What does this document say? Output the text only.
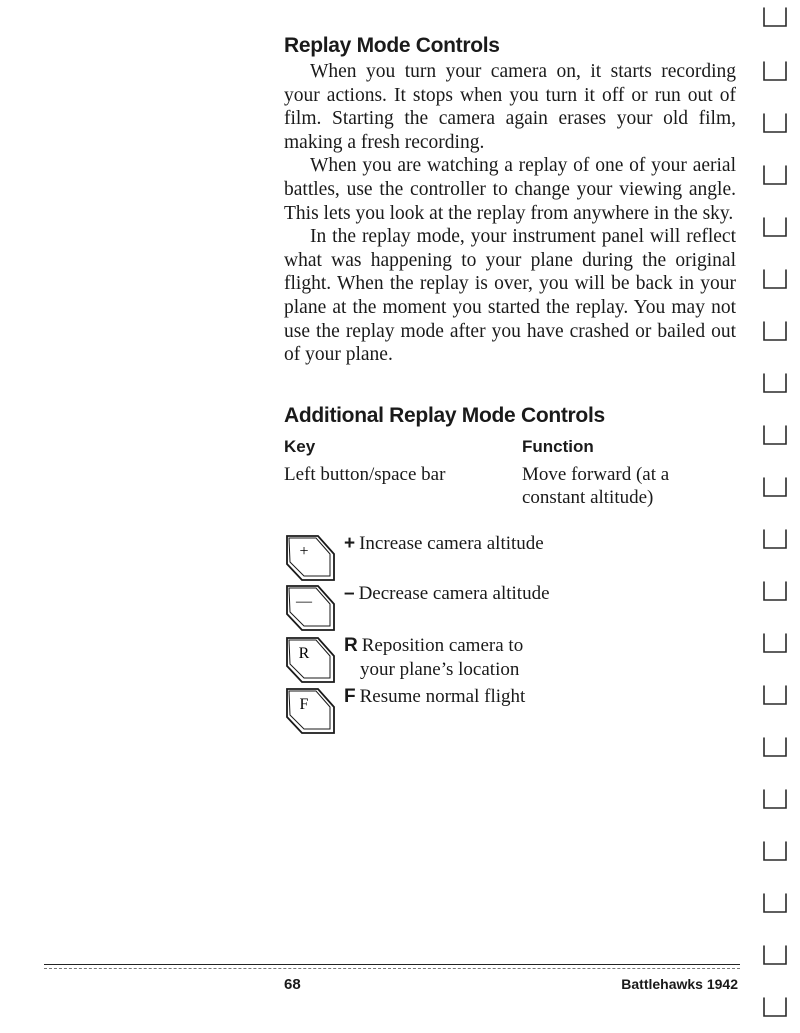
Replay Mode Controls

When you turn your camera on, it starts recording your actions. It stops when you turn it off or run out of film. Starting the camera again erases your old film, making a fresh recording.

When you are watching a replay of one of your aerial battles, use the controller to change your viewing angle. This lets you look at the replay from anywhere in the sky.

In the replay mode, your instrument panel will reflect what was happening to your plane during the original flight. When the replay is over, you will be back in your plane at the moment you started the replay. You may not use the replay mode after you have crashed or bailed out of your plane.

Additional Replay Mode Controls
Key	Function
Left button/space bar	Move forward (at a
constant altitude)
+ + Increase camera altitude
— – Decrease camera altitude
R R Reposition camera to
your plane’s location
F F Resume normal flight
68	Battlehawks 1942
